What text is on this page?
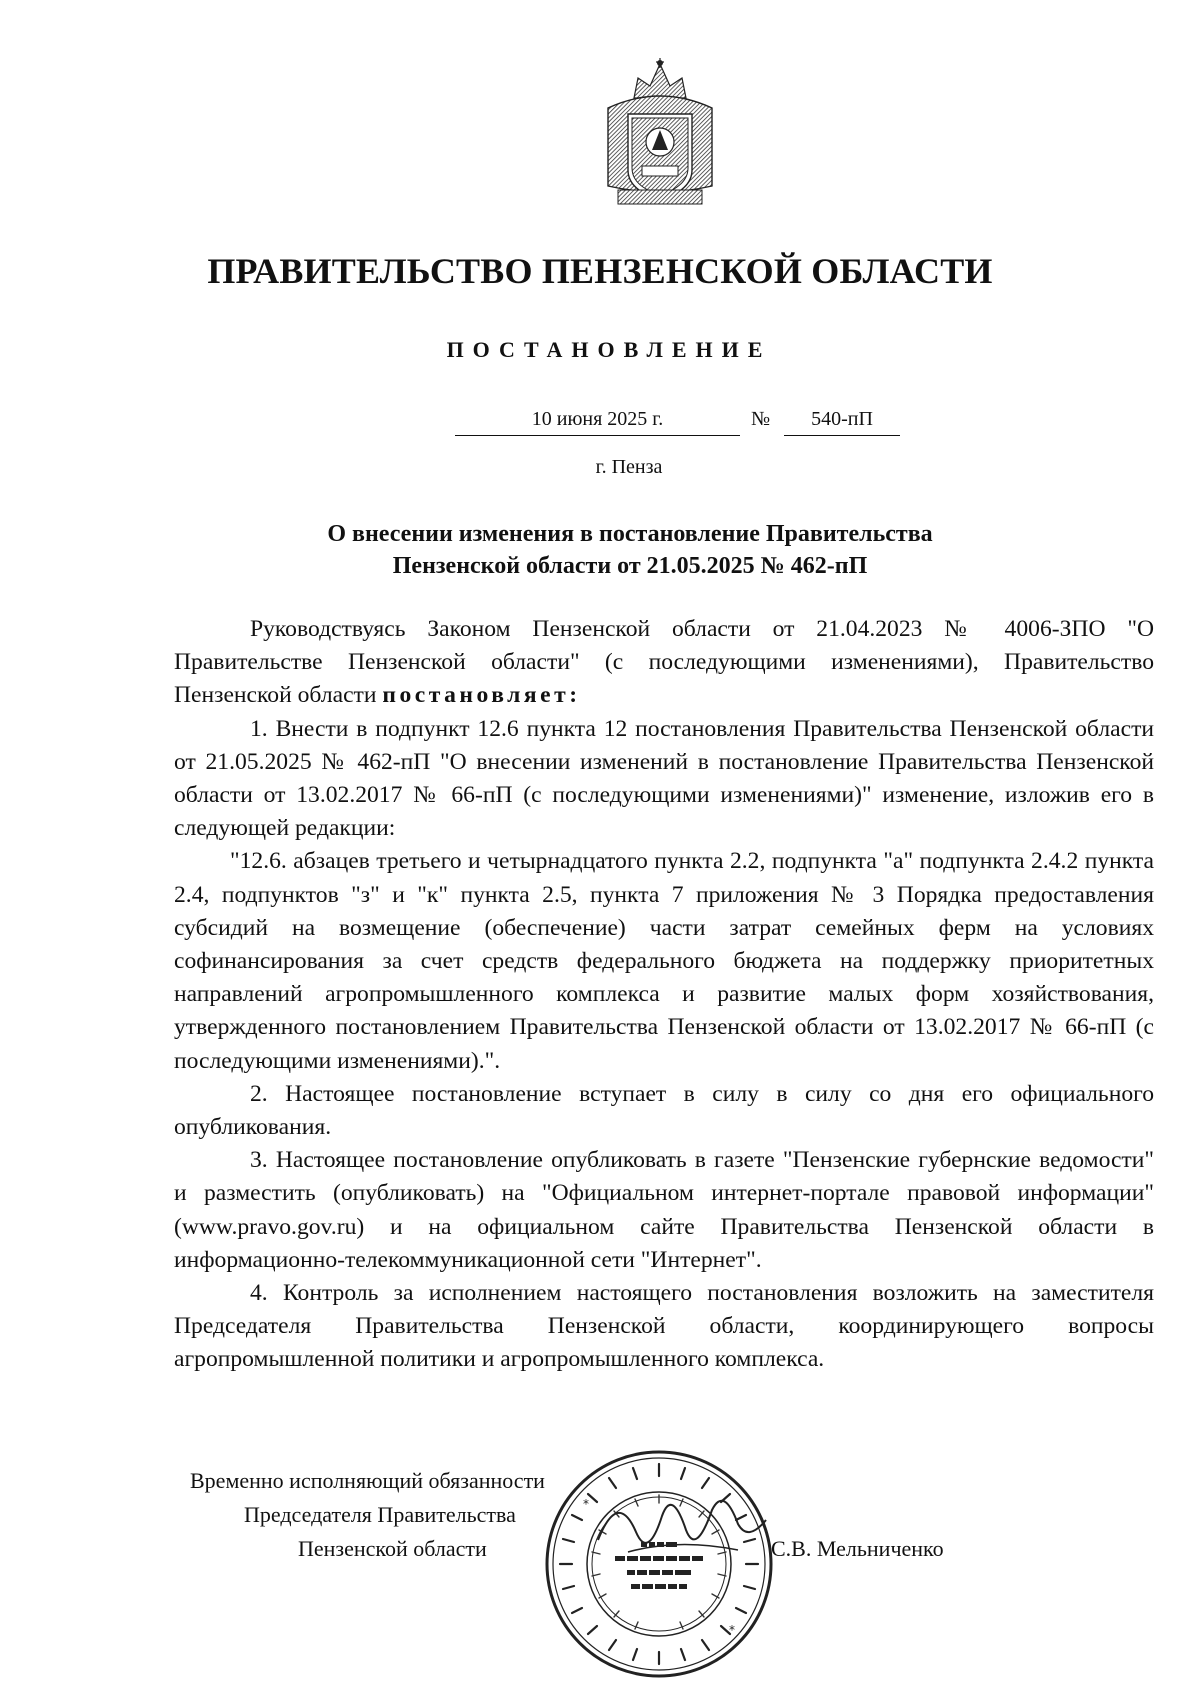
ПРАВИТЕЛЬСТВО ПЕНЗЕНСКОЙ ОБЛАСТИ
ПОСТАНОВЛЕНИЕ
10 июня 2025 г.	№	540-пП
г. Пенза
О внесении изменения в постановление Правительства
Пензенской области от 21.05.2025 № 462-пП

Руководствуясь Законом Пензенской области от 21.04.2023 № 4006-ЗПО "О Правительстве Пензенской области" (с последующими изменениями), Правительство Пензенской области постановляет:

1. Внести в подпункт 12.6 пункта 12 постановления Правительства Пензенской области от 21.05.2025 № 462-пП "О внесении изменений в постановление Правительства Пензенской области от 13.02.2017 № 66-пП (с последующими изменениями)" изменение, изложив его в следующей редакции:

"12.6. абзацев третьего и четырнадцатого пункта 2.2, подпункта "а" подпункта 2.4.2 пункта 2.4, подпунктов "з" и "к" пункта 2.5, пункта 7 приложения № 3 Порядка предоставления субсидий на возмещение (обеспечение) части затрат семейных ферм на условиях софинансирования за счет средств федерального бюджета на поддержку приоритетных направлений агропромышленного комплекса и развитие малых форм хозяйствования, утвержденного постановлением Правительства Пензенской области от 13.02.2017 № 66-пП (с последующими изменениями).".

2. Настоящее постановление вступает в силу в силу со дня его официального опубликования.

3. Настоящее постановление опубликовать в газете "Пензенские губернские ведомости" и разместить (опубликовать) на "Официальном интернет-портале правовой информации" (www.pravo.gov.ru) и на официальном сайте Правительства Пензенской области в информационно-телекоммуникационной сети "Интернет".

4. Контроль за исполнением настоящего постановления возложить на заместителя Председателя Правительства Пензенской области, координирующего вопросы агропромышленной политики и агропромышленного комплекса.

Временно исполняющий обязанности
Председателя Правительства
Пензенской области	С.В. Мельниченко
*
*
